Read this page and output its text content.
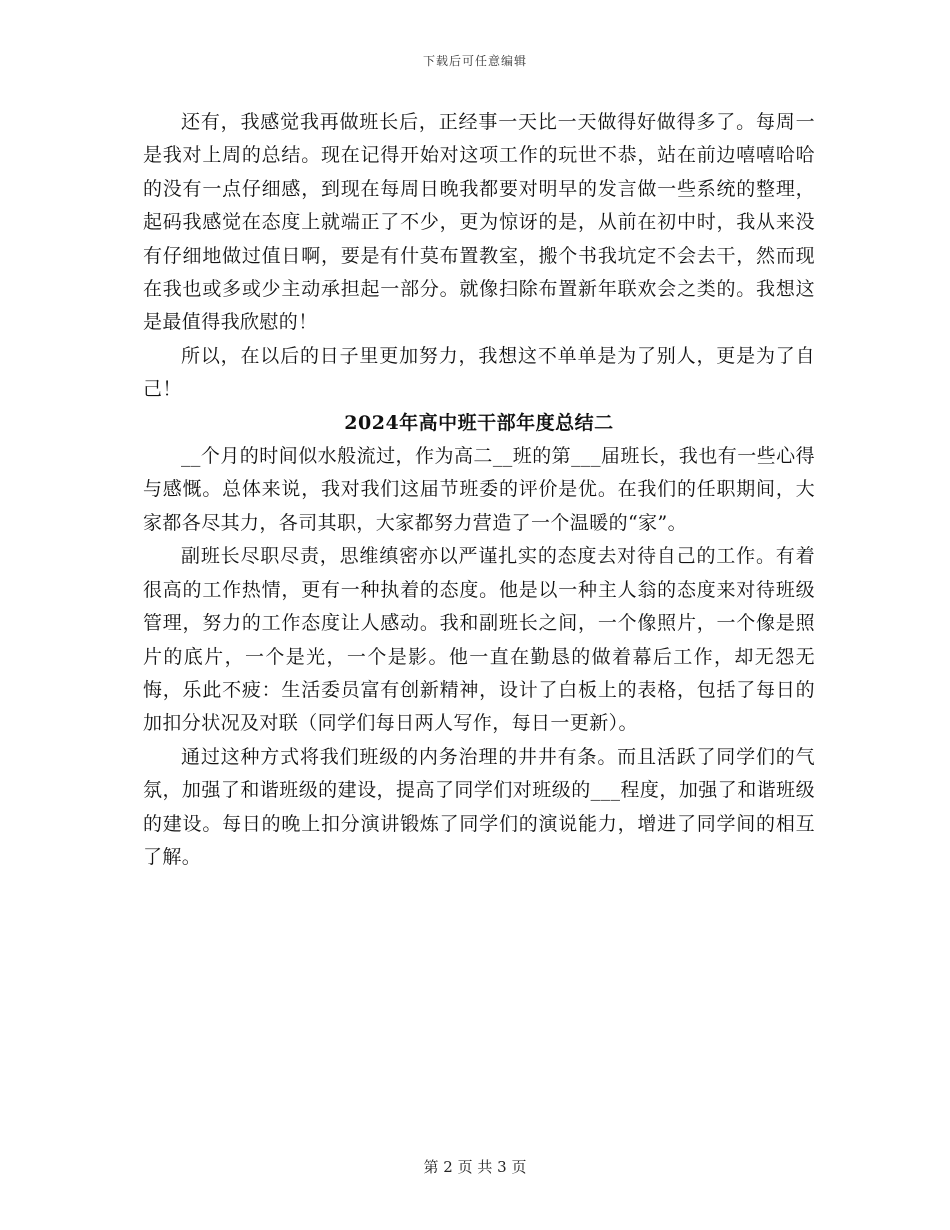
下载后可任意编辑

还有，我感觉我再做班长后，正经事一天比一天做得好做得多了。每周一是我对上周的总结。现在记得开始对这项工作的玩世不恭，站在前边嘻嘻哈哈的没有一点仔细感，到现在每周日晚我都要对明早的发言做一些系统的整理，起码我感觉在态度上就端正了不少，更为惊讶的是，从前在初中时，我从来没有仔细地做过值日啊，要是有什莫布置教室，搬个书我坑定不会去干，然而现在我也或多或少主动承担起一部分。就像扫除布置新年联欢会之类的。我想这是最值得我欣慰的！

所以，在以后的日子里更加努力，我想这不单单是为了别人，更是为了自己！

2024年高中班干部年度总结二

__个月的时间似水般流过，作为高二__班的第___届班长，我也有一些心得与感慨。总体来说，我对我们这届节班委的评价是优。在我们的任职期间，大家都各尽其力，各司其职，大家都努力营造了一个温暖的“家”。

副班长尽职尽责，思维缜密亦以严谨扎实的态度去对待自己的工作。有着很高的工作热情，更有一种执着的态度。他是以一种主人翁的态度来对待班级管理，努力的工作态度让人感动。我和副班长之间，一个像照片，一个像是照片的底片，一个是光，一个是影。他一直在勤恳的做着幕后工作，却无怨无悔，乐此不疲：生活委员富有创新精神，设计了白板上的表格，包括了每日的加扣分状况及对联（同学们每日两人写作，每日一更新）。

通过这种方式将我们班级的内务治理的井井有条。而且活跃了同学们的气氛，加强了和谐班级的建设，提高了同学们对班级的___程度，加强了和谐班级的建设。每日的晚上扣分演讲锻炼了同学们的演说能力，增进了同学间的相互了解。

第 2 页 共 3 页
